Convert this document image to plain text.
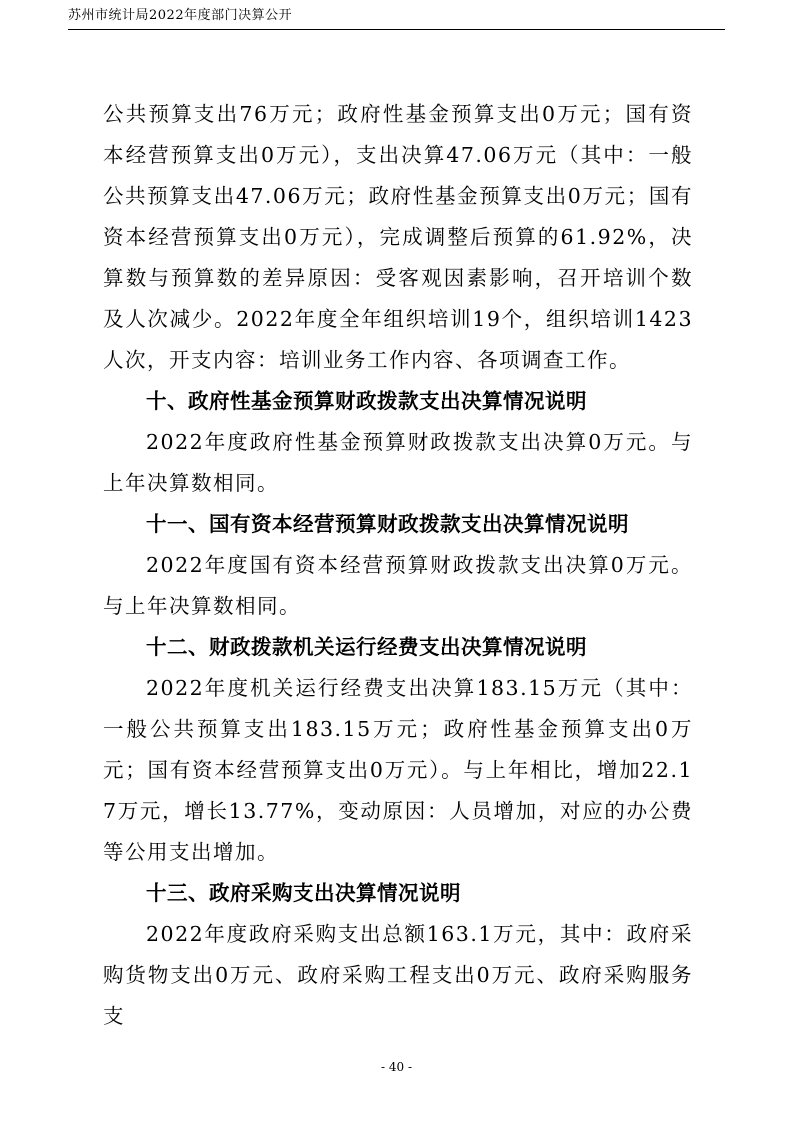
苏州市统计局2022年度部门决算公开

公共预算支出76万元；政府性基金预算支出0万元；国有资本经营预算支出0万元），支出决算47.06万元（其中：一般公共预算支出47.06万元；政府性基金预算支出0万元；国有资本经营预算支出0万元），完成调整后预算的61.92%，决算数与预算数的差异原因：受客观因素影响，召开培训个数及人次减少。2022年度全年组织培训19个，组织培训1423人次，开支内容：培训业务工作内容、各项调查工作。

十、政府性基金预算财政拨款支出决算情况说明

2022年度政府性基金预算财政拨款支出决算0万元。与上年决算数相同。

十一、国有资本经营预算财政拨款支出决算情况说明

2022年度国有资本经营预算财政拨款支出决算0万元。与上年决算数相同。

十二、财政拨款机关运行经费支出决算情况说明

2022年度机关运行经费支出决算183.15万元（其中：一般公共预算支出183.15万元；政府性基金预算支出0万元；国有资本经营预算支出0万元）。与上年相比，增加22.17万元，增长13.77%，变动原因：人员增加，对应的办公费等公用支出增加。

十三、政府采购支出决算情况说明

2022年度政府采购支出总额163.1万元，其中：政府采购货物支出0万元、政府采购工程支出0万元、政府采购服务支

- 40 -
